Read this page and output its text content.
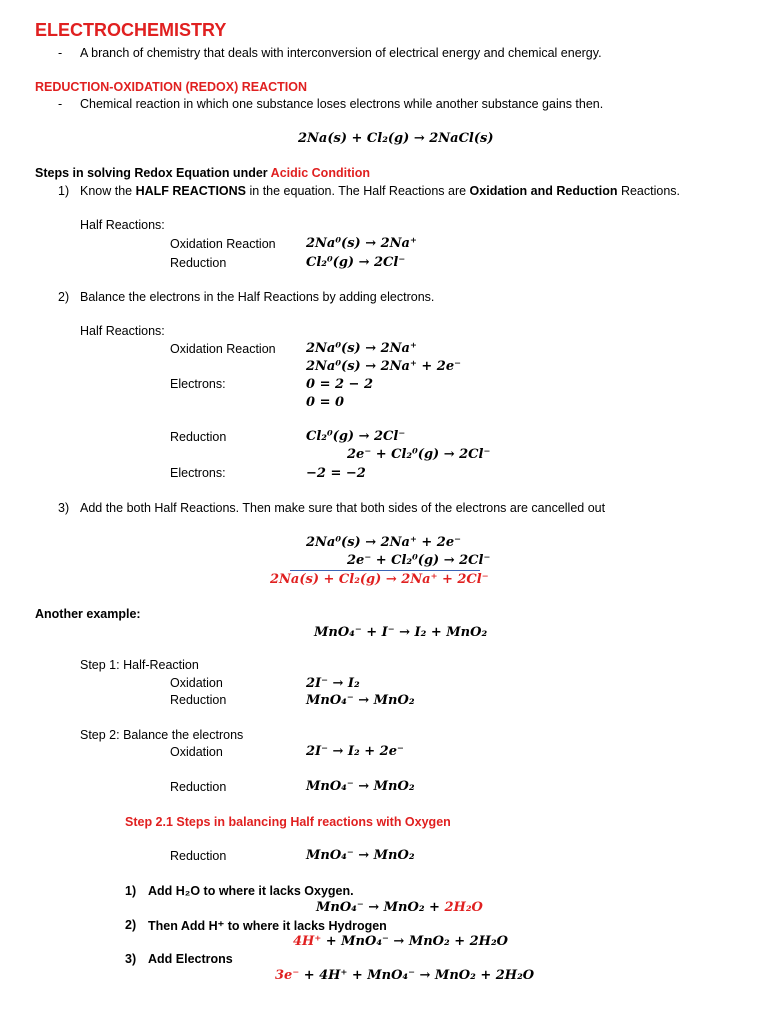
ELECTROCHEMISTRY
- A branch of chemistry that deals with interconversion of electrical energy and chemical energy.
REDUCTION-OXIDATION (REDOX) REACTION
- Chemical reaction in which one substance loses electrons while another substance gains then.
2Na(s) + Cl₂(g) → 2NaCl(s)
Steps in solving Redox Equation under Acidic Condition
1) Know the HALF REACTIONS in the equation. The Half Reactions are Oxidation and Reduction Reactions.
Half Reactions:
Oxidation Reaction 2Na⁰(s) → 2Na⁺
Reduction	Cl₂⁰(g) → 2Cl⁻
2) Balance the electrons in the Half Reactions by adding electrons.
Half Reactions:
Oxidation Reaction 2Na⁰(s) → 2Na⁺
2Na⁰(s) → 2Na⁺ + 2e⁻
Electrons:	0 = 2 − 2
0 = 0
Reduction	Cl₂⁰(g) → 2Cl⁻
2e⁻ + Cl₂⁰(g) → 2Cl⁻
Electrons:	−2 = −2
3) Add the both Half Reactions. Then make sure that both sides of the electrons are cancelled out
2Na⁰(s) → 2Na⁺ + 2e⁻
2e⁻ + Cl₂⁰(g) → 2Cl⁻
2Na(s) + Cl₂(g) → 2Na⁺ + 2Cl⁻
Another example:
MnO₄⁻ + I⁻ → I₂ + MnO₂
Step 1: Half-Reaction
Oxidation	2I⁻ → I₂
Reduction	MnO₄⁻ → MnO₂
Step 2: Balance the electrons
Oxidation	2I⁻ → I₂ + 2e⁻
Reduction	MnO₄⁻ → MnO₂
Step 2.1 Steps in balancing Half reactions with Oxygen
Reduction	MnO₄⁻ → MnO₂
1) Add H₂O to where it lacks Oxygen.
MnO₄⁻ → MnO₂ + 2H₂O
2) Then Add H⁺ to where it lacks Hydrogen
4H⁺ + MnO₄⁻ → MnO₂ + 2H₂O
3) Add Electrons
3e⁻ + 4H⁺ + MnO₄⁻ → MnO₂ + 2H₂O
